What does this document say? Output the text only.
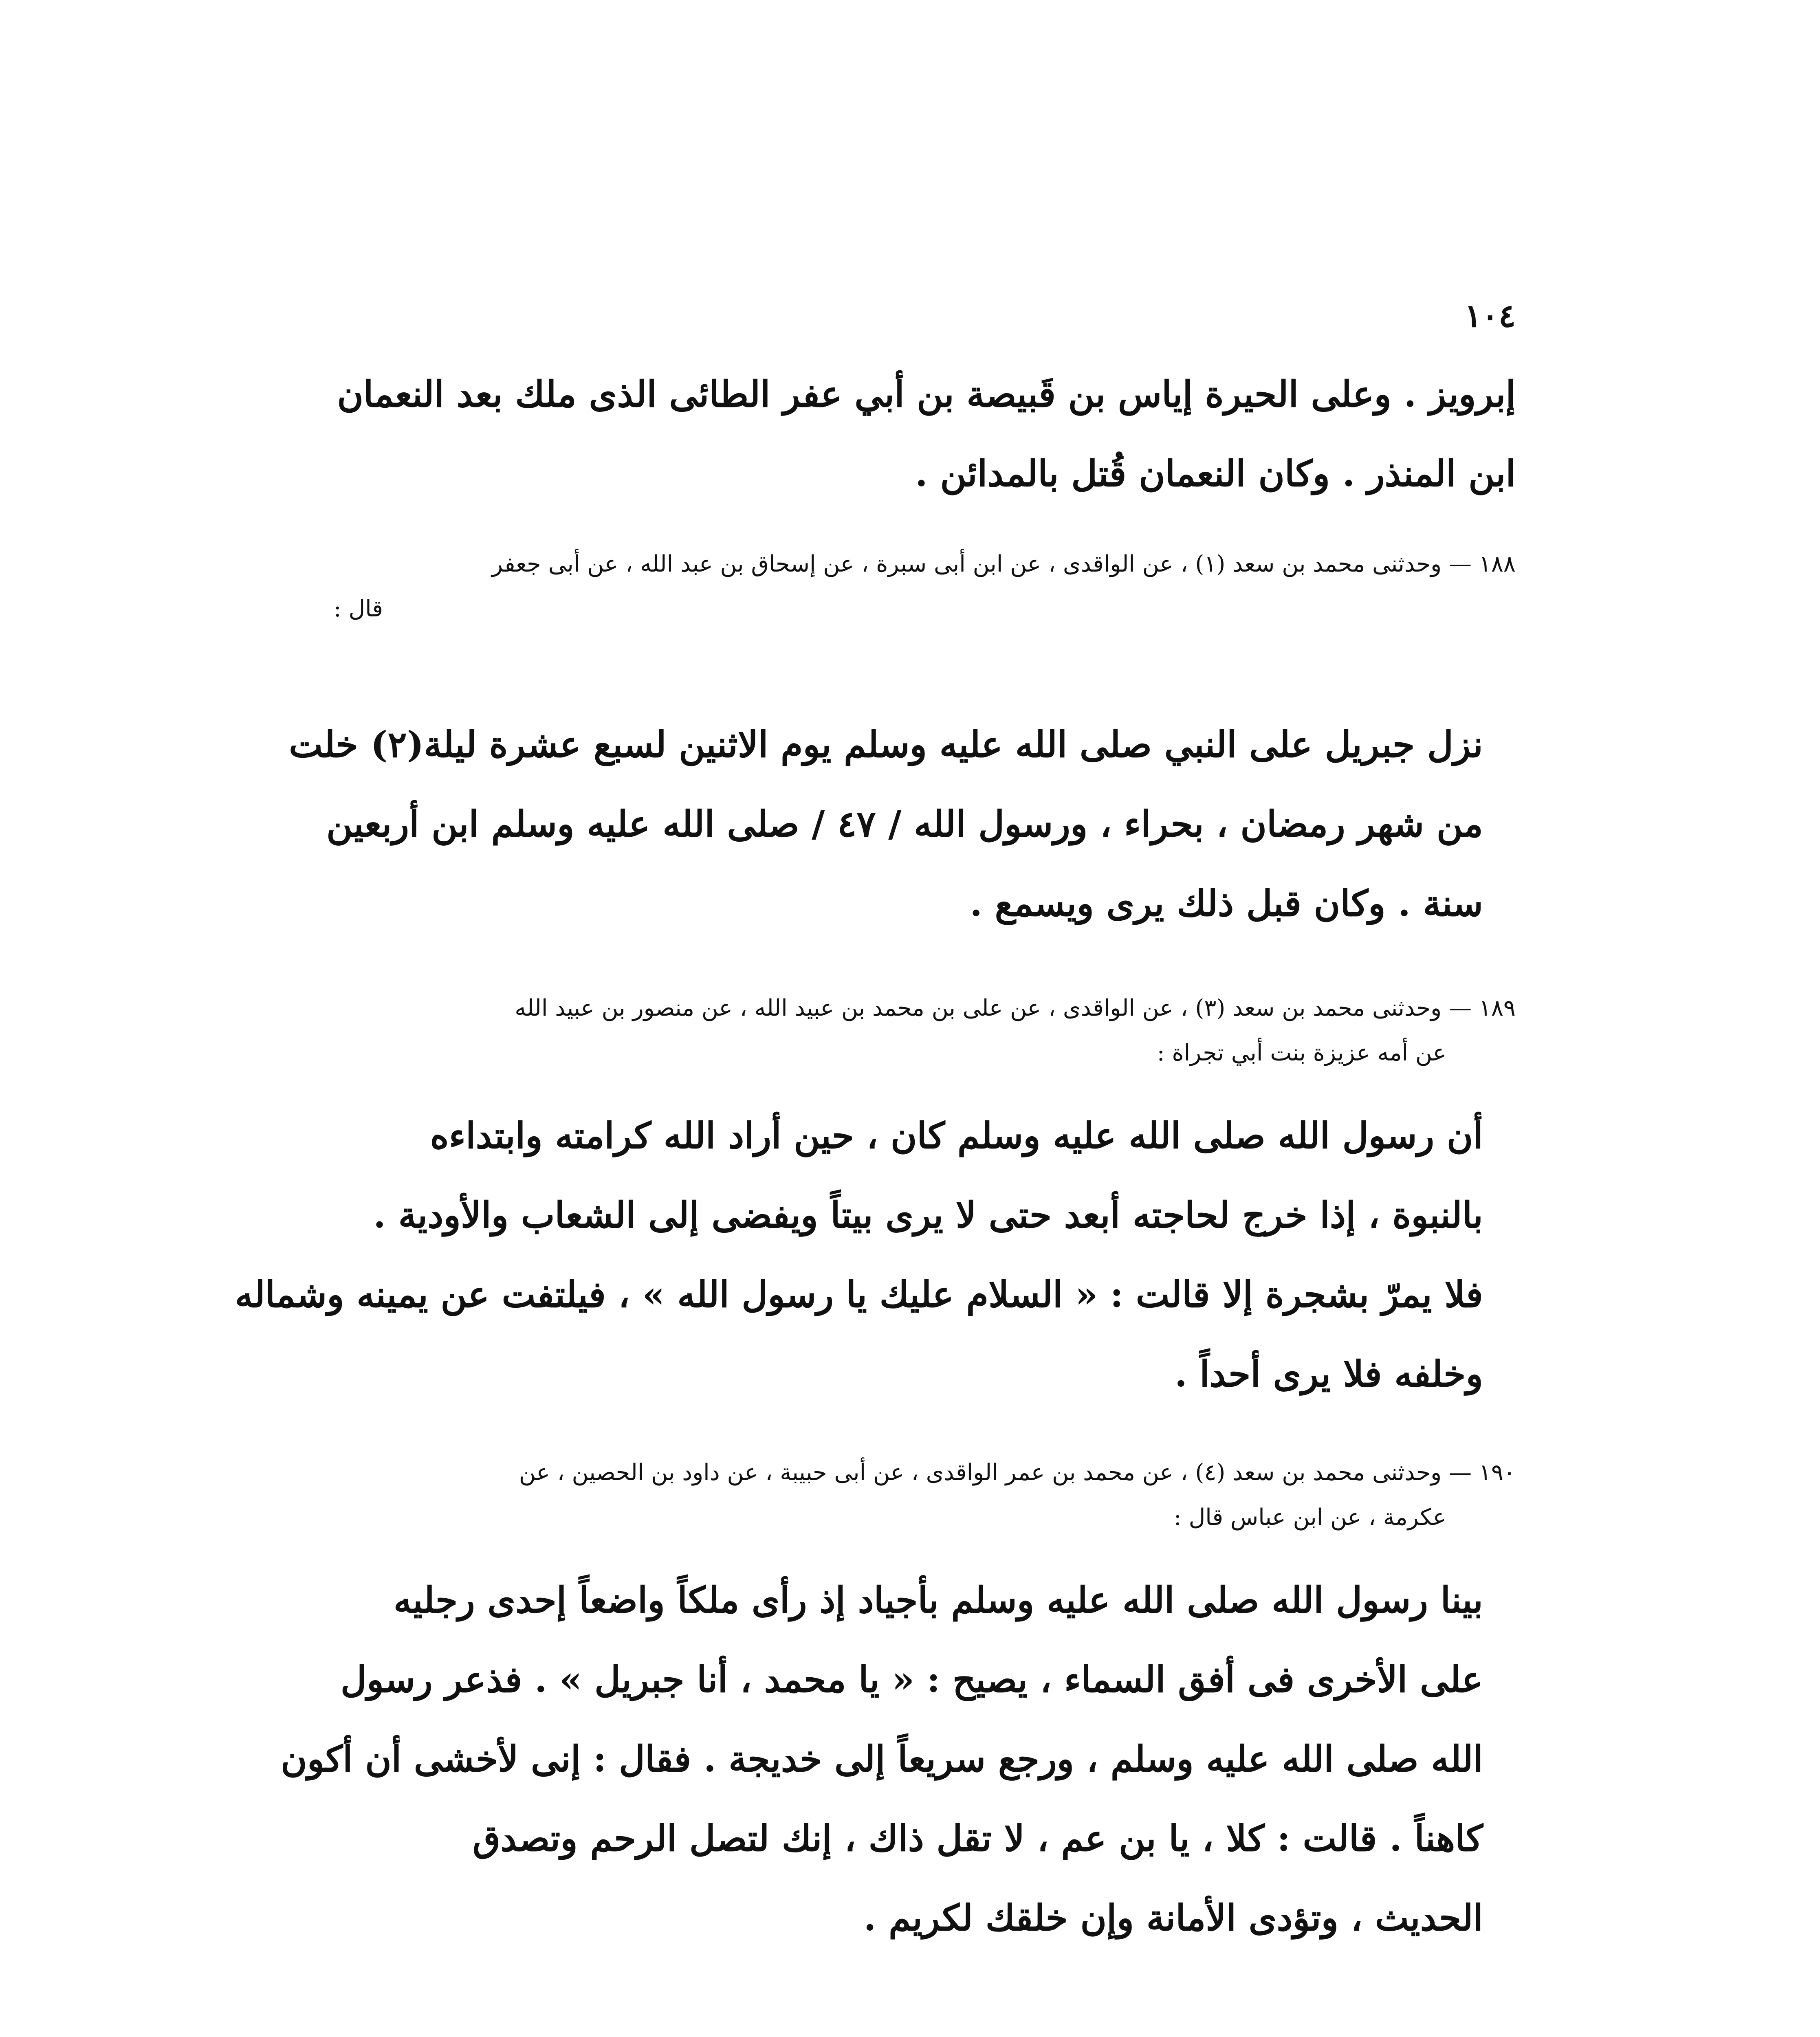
١٠٤
إبرويز . وعلى الحيرة إياس بن قَبيصة بن أبي عفر الطائى الذى ملك بعد النعمان
ابن المنذر . وكان النعمان قُتل بالمدائن .
١٨٨ — وحدثنى محمد بن سعد (١) ، عن الواقدى ، عن ابن أبى سبرة ، عن إسحاق بن عبد الله ، عن أبى جعفر
قال :
نزل جبريل على النبي صلى الله عليه وسلم يوم الاثنين لسبع عشرة ليلة(٢) خلت
من شهر رمضان ، بحراء ، ورسول الله / ٤٧ / صلى الله عليه وسلم ابن أربعين
سنة . وكان قبل ذلك يرى ويسمع .
١٨٩ — وحدثنى محمد بن سعد (٣) ، عن الواقدى ، عن على بن محمد بن عبيد الله ، عن منصور بن عبيد الله
عن أمه عزيزة بنت أبي تجراة :
أن رسول الله صلى الله عليه وسلم كان ، حين أراد الله كرامته وابتداءه
بالنبوة ، إذا خرج لحاجته أبعد حتى لا يرى بيتاً ويفضى إلى الشعاب والأودية .
فلا يمرّ بشجرة إلا قالت : « السلام عليك يا رسول الله » ، فيلتفت عن يمينه وشماله
وخلفه فلا يرى أحداً .
١٩٠ — وحدثنى محمد بن سعد (٤) ، عن محمد بن عمر الواقدى ، عن أبى حبيبة ، عن داود بن الحصين ، عن
عكرمة ، عن ابن عباس قال :
بينا رسول الله صلى الله عليه وسلم بأجياد إذ رأى ملكاً واضعاً إحدى رجليه
على الأخرى فى أفق السماء ، يصيح : « يا محمد ، أنا جبريل » . فذعر رسول
الله صلى الله عليه وسلم ، ورجع سريعاً إلى خديجة . فقال : إنى لأخشى أن أكون
كاهناً . قالت : كلا ، يا بن عم ، لا تقل ذاك ، إنك لتصل الرحم وتصدق
الحديث ، وتؤدى الأمانة وإن خلقك لكريم .
